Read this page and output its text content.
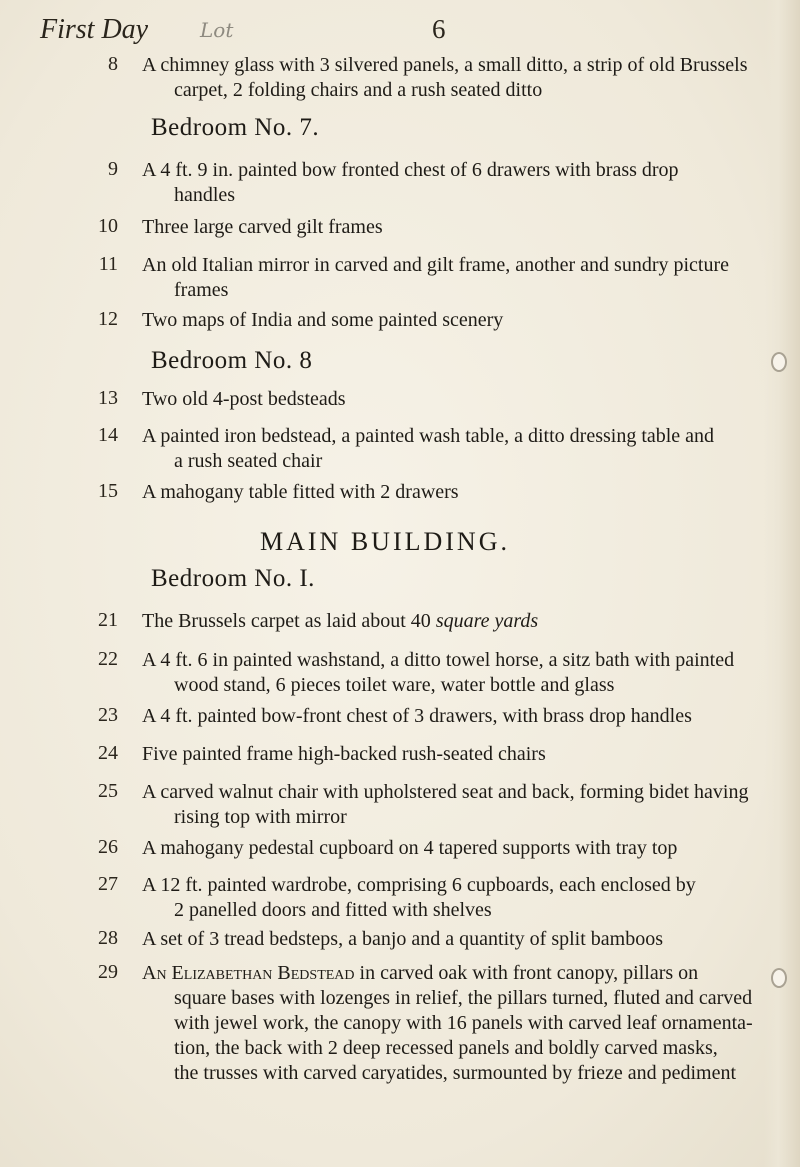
First Day	6
Lot
8 A chimney glass with 3 silvered panels, a small ditto, a strip of old Brussels
carpet, 2 folding chairs and a rush seated ditto
Bedroom No. 7.
9 A 4 ft. 9 in. painted bow fronted chest of 6 drawers with brass drop
handles
10 Three large carved gilt frames
11 An old Italian mirror in carved and gilt frame, another and sundry picture
frames
12 Two maps of India and some painted scenery
Bedroom No. 8
13 Two old 4-post bedsteads
14 A painted iron bedstead, a painted wash table, a ditto dressing table and
a rush seated chair
15 A mahogany table fitted with 2 drawers
MAIN BUILDING.
Bedroom No. I.
21 The Brussels carpet as laid about 40 square yards
22 A 4 ft. 6 in painted washstand, a ditto towel horse, a sitz bath with painted
wood stand, 6 pieces toilet ware, water bottle and glass
23 A 4 ft. painted bow-front chest of 3 drawers, with brass drop handles
24 Five painted frame high-backed rush-seated chairs
25 A carved walnut chair with upholstered seat and back, forming bidet having
rising top with mirror
26 A mahogany pedestal cupboard on 4 tapered supports with tray top
27 A 12 ft. painted wardrobe, comprising 6 cupboards, each enclosed by
2 panelled doors and fitted with shelves
28 A set of 3 tread bedsteps, a banjo and a quantity of split bamboos
29 An Elizabethan Bedstead in carved oak with front canopy, pillars on
square bases with lozenges in relief, the pillars turned, fluted and carved
with jewel work, the canopy with 16 panels with carved leaf ornamenta-
tion, the back with 2 deep recessed panels and boldly carved masks,
the trusses with carved caryatides, surmounted by frieze and pediment
